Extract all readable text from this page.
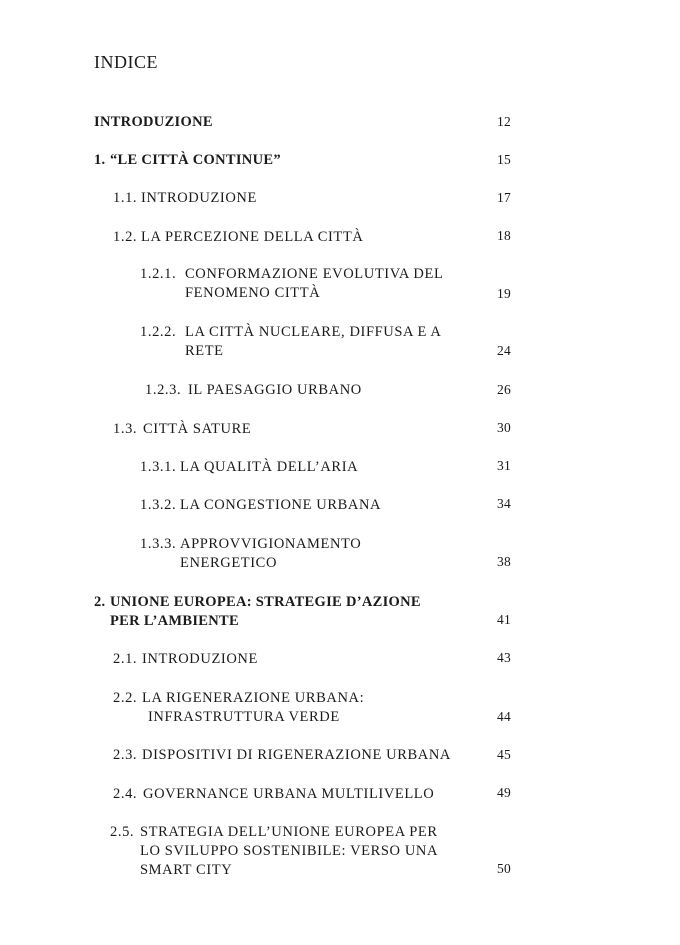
INDICE
INTRODUZIONE	12
1. “LE CITTÀ CONTINUE”	15
1.1. INTRODUZIONE	17
1.2. LA PERCEZIONE DELLA CITTÀ	18
1.2.1. CONFORMAZIONE EVOLUTIVA DEL
FENOMENO CITTÀ	19
1.2.2. LA CITTÀ NUCLEARE, DIFFUSA E A
RETE	24
1.2.3. IL PAESAGGIO URBANO	26
1.3. CITTÀ SATURE	30
1.3.1. LA QUALITÀ DELL’ARIA	31
1.3.2. LA CONGESTIONE URBANA	34
1.3.3. APPROVVIGIONAMENTO
ENERGETICO	38
2. UNIONE EUROPEA: STRATEGIE D’AZIONE
PER L’AMBIENTE	41
2.1. INTRODUZIONE	43
2.2. LA RIGENERAZIONE URBANA:
INFRASTRUTTURA VERDE	44
2.3. DISPOSITIVI DI RIGENERAZIONE URBANA	45
2.4. GOVERNANCE URBANA MULTILIVELLO	49
2.5. STRATEGIA DELL’UNIONE EUROPEA PER
LO SVILUPPO SOSTENIBILE: VERSO UNA
SMART CITY	50
